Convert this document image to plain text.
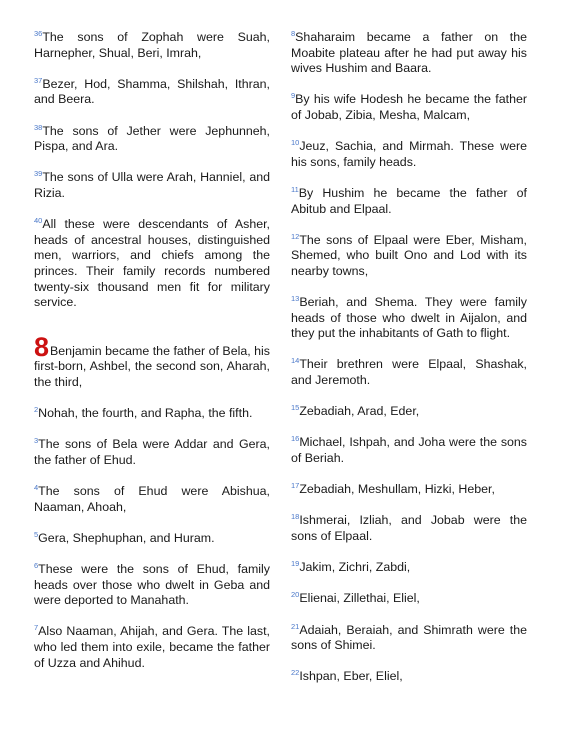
$^{36}$The sons of Zophah were Suah, Harnepher, Shual, Beri, Imrah,

$^{37}$Bezer, Hod, Shamma, Shilshah, Ithran, and Beera.

$^{38}$The sons of Jether were Jephunneh, Pispa, and Ara.

$^{39}$The sons of Ulla were Arah, Hanniel, and Rizia.

$^{40}$All these were descendants of Asher, heads of ancestral houses, distinguished men, warriors, and chiefs among the princes. Their family records numbered twenty-six thousand men fit for military service.

8Benjamin became the father of Bela, his first-born, Ashbel, the second son, Aharah, the third,

$^2$Nohah, the fourth, and Rapha, the fifth.

$^3$The sons of Bela were Addar and Gera, the father of Ehud.

$^4$The sons of Ehud were Abishua, Naaman, Ahoah,

$^5$Gera, Shephuphan, and Huram.

$^6$These were the sons of Ehud, family heads over those who dwelt in Geba and were deported to Manahath.

$^7$Also Naaman, Ahijah, and Gera. The last, who led them into exile, became the father of Uzza and Ahihud.

$^8$Shaharaim became a father on the Moabite plateau after he had put away his wives Hushim and Baara.

$^9$By his wife Hodesh he became the father of Jobab, Zibia, Mesha, Malcam,

$^{10}$Jeuz, Sachia, and Mirmah. These were his sons, family heads.

$^{11}$By Hushim he became the father of Abitub and Elpaal.

$^{12}$The sons of Elpaal were Eber, Misham, Shemed, who built Ono and Lod with its nearby towns,

$^{13}$Beriah, and Shema. They were family heads of those who dwelt in Aijalon, and they put the inhabitants of Gath to flight.

$^{14}$Their brethren were Elpaal, Shashak, and Jeremoth.

$^{15}$Zebadiah, Arad, Eder,

$^{16}$Michael, Ishpah, and Joha were the sons of Beriah.

$^{17}$Zebadiah, Meshullam, Hizki, Heber,

$^{18}$Ishmerai, Izliah, and Jobab were the sons of Elpaal.

$^{19}$Jakim, Zichri, Zabdi,

$^{20}$Elienai, Zillethai, Eliel,

$^{21}$Adaiah, Beraiah, and Shimrath were the sons of Shimei.

$^{22}$Ishpan, Eber, Eliel,
